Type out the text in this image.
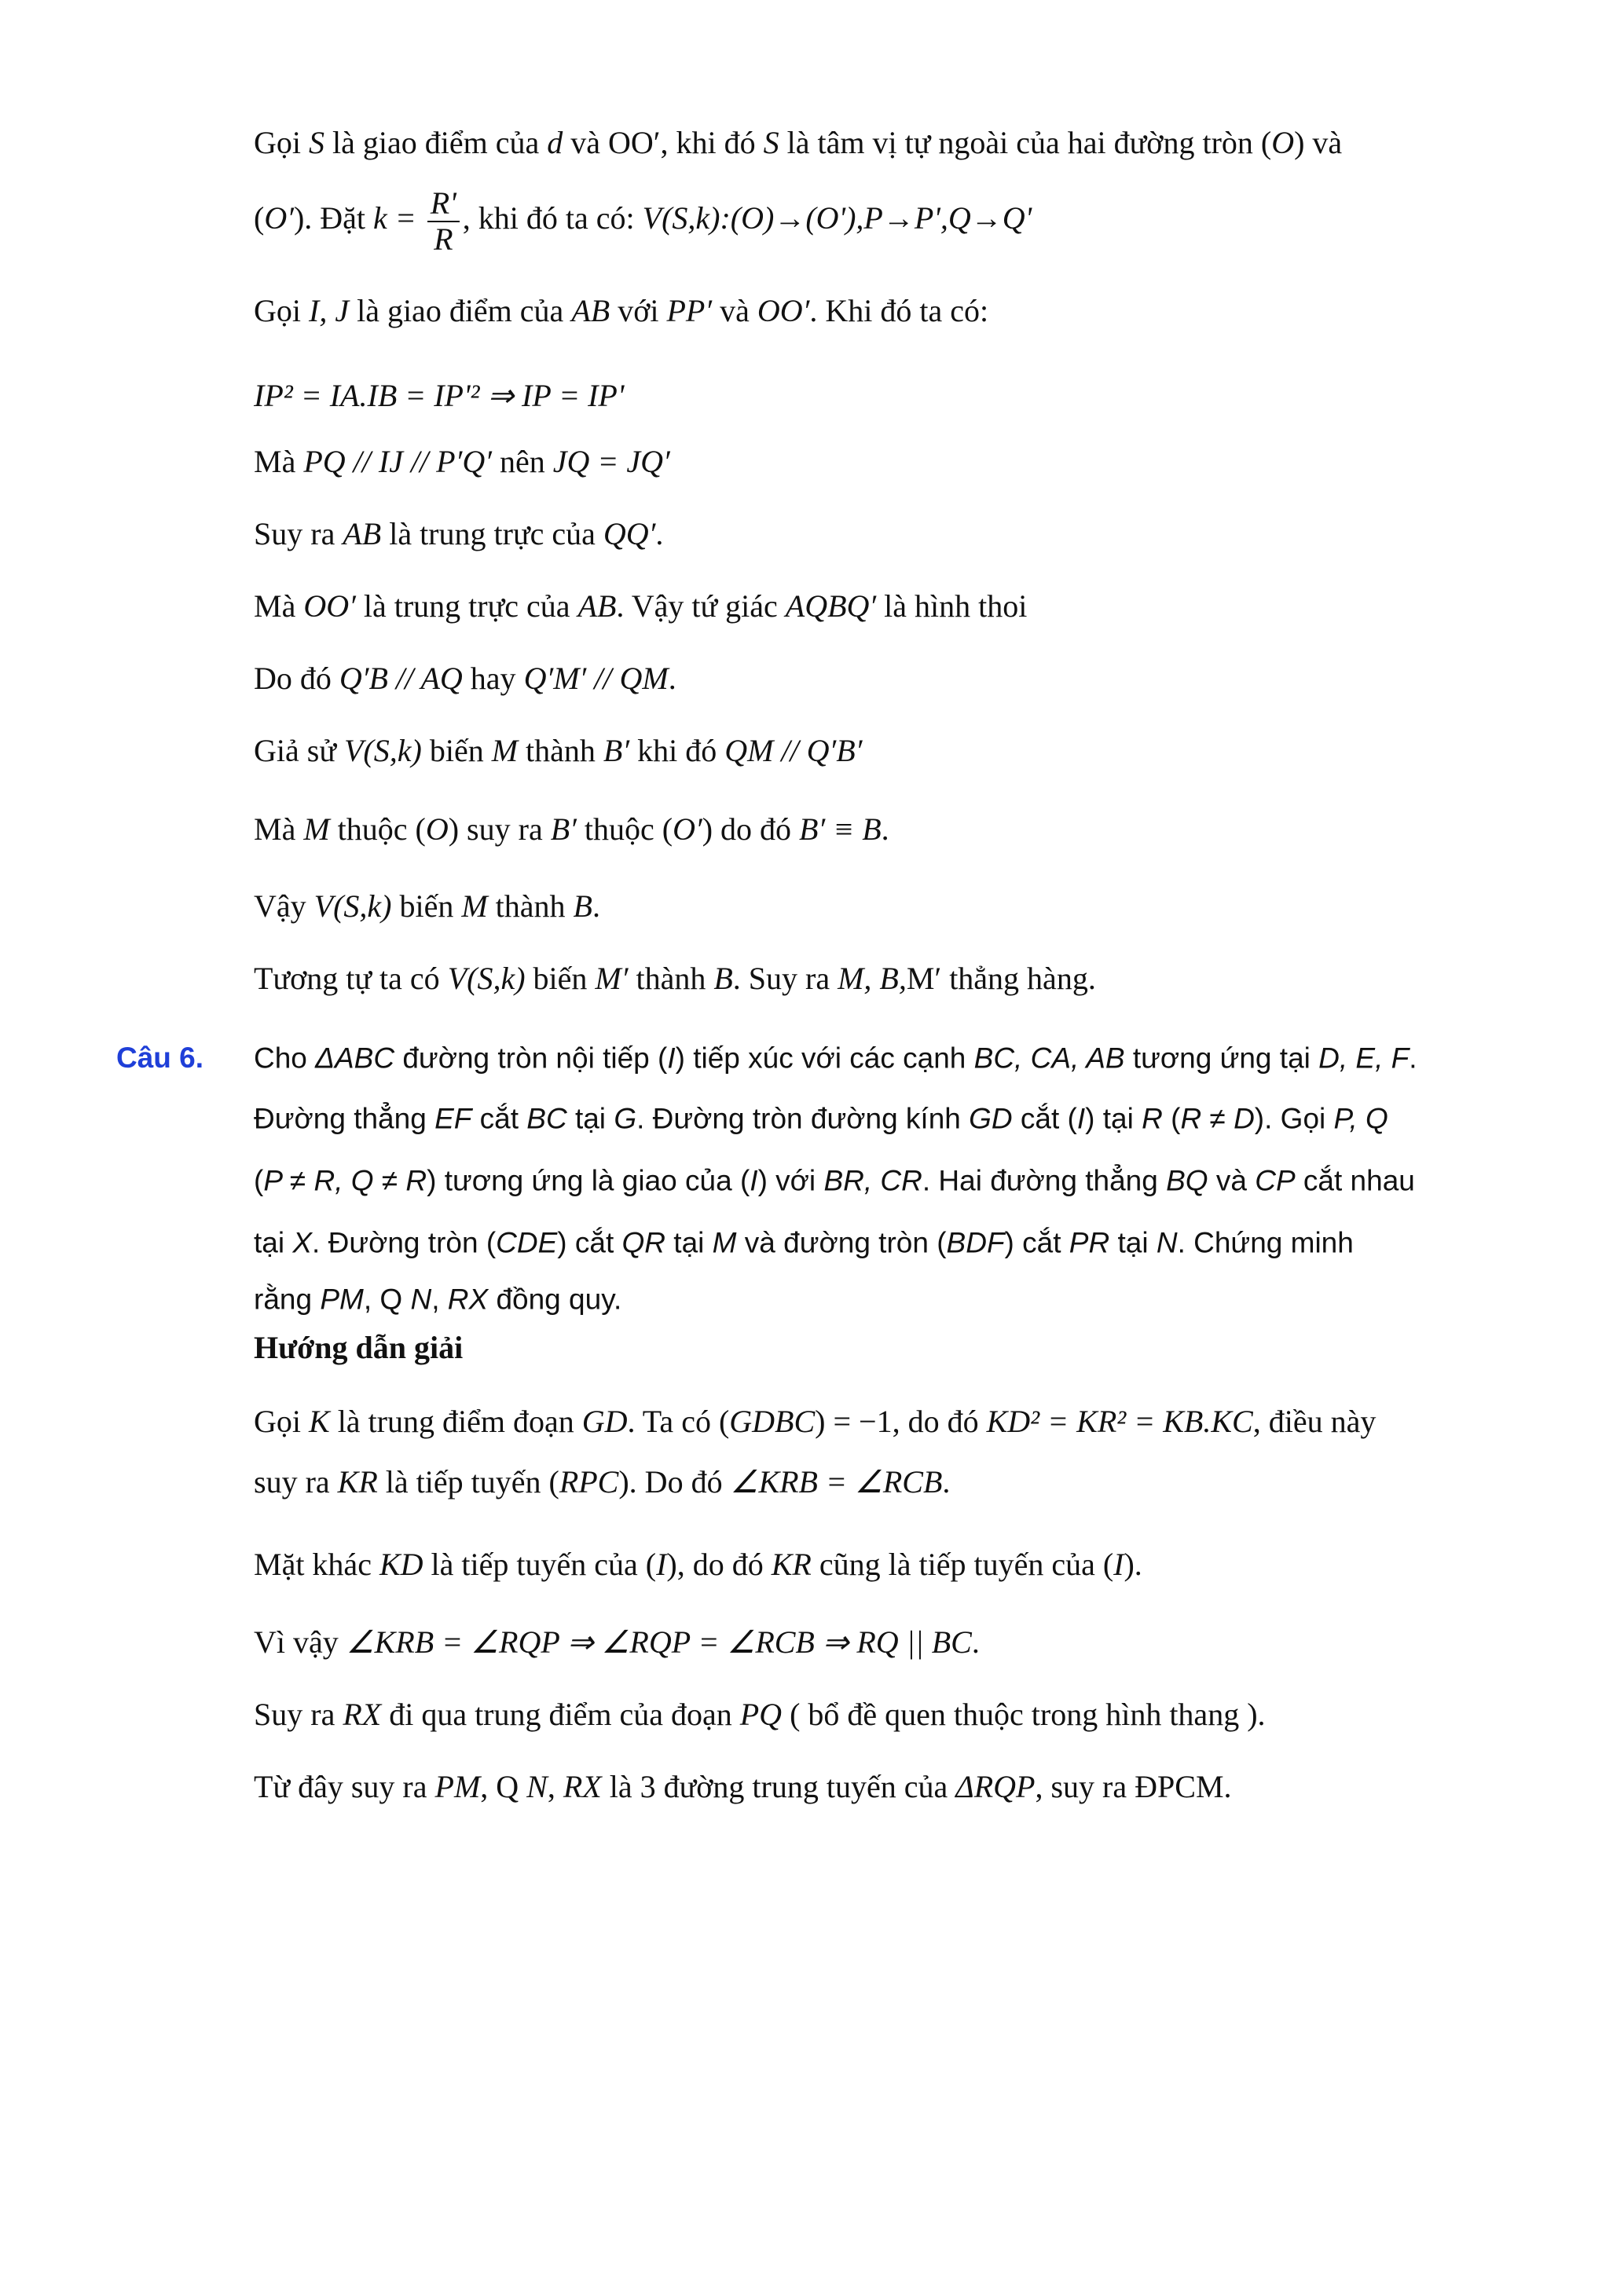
Câu 6.
Hướng dẫn giải
Gọi S là giao điểm của d và OO′, khi đó S là tâm vị tự ngoài của hai đường tròn (O) và
(O′). Đặt $k = \frac{R'}{R}$ , khi đó ta có: V(S,k):(O)→(O'),P→P',Q→Q'
Gọi I, J là giao điểm của AB với PP′ và OO′. Khi đó ta có:
IP² = IA.IB = IP'² ⇒ IP = IP'
Mà PQ // IJ // P′Q′ nên JQ = JQ′
Suy ra AB là trung trực của QQ′.
Mà OO′ là trung trực của AB. Vậy tứ giác AQBQ′ là hình thoi
Do đó Q′B // AQ hay Q′M′ // QM.
Giả sử V(S,k) biến M thành B′ khi đó QM // Q′B′
Mà M thuộc (O) suy ra B′ thuộc (O′) do đó B′ ≡ B.
Vậy V(S,k) biến M thành B.
Tương tự ta có V(S,k) biến M′ thành B. Suy ra M, B,M′ thẳng hàng.
Cho ΔABC đường tròn nội tiếp (I) tiếp xúc với các cạnh BC, CA, AB tương ứng tại D, E, F.
Đường thẳng EF cắt BC tại G. Đường tròn đường kính GD cắt (I) tại R (R ≠ D). Gọi P, Q
(P ≠ R, Q ≠ R) tương ứng là giao của (I) với BR, CR. Hai đường thẳng BQ và CP cắt nhau
tại X. Đường tròn (CDE) cắt QR tại M và đường tròn (BDF) cắt PR tại N. Chứng minh
rằng PM, Q N, RX đồng quy.
Gọi K là trung điểm đoạn GD. Ta có (GDBC) = −1, do đó KD² = KR² = KB.KC, điều này
suy ra KR là tiếp tuyến (RPC). Do đó ∠KRB = ∠RCB.
Mặt khác KD là tiếp tuyến của (I), do đó KR cũng là tiếp tuyến của (I).
Vì vậy ∠KRB = ∠RQP ⇒ ∠RQP = ∠RCB ⇒ RQ || BC.
Suy ra RX đi qua trung điểm của đoạn PQ ( bổ đề quen thuộc trong hình thang ).
Từ đây suy ra PM, Q N, RX là 3 đường trung tuyến của ΔRQP, suy ra ĐPCM.
